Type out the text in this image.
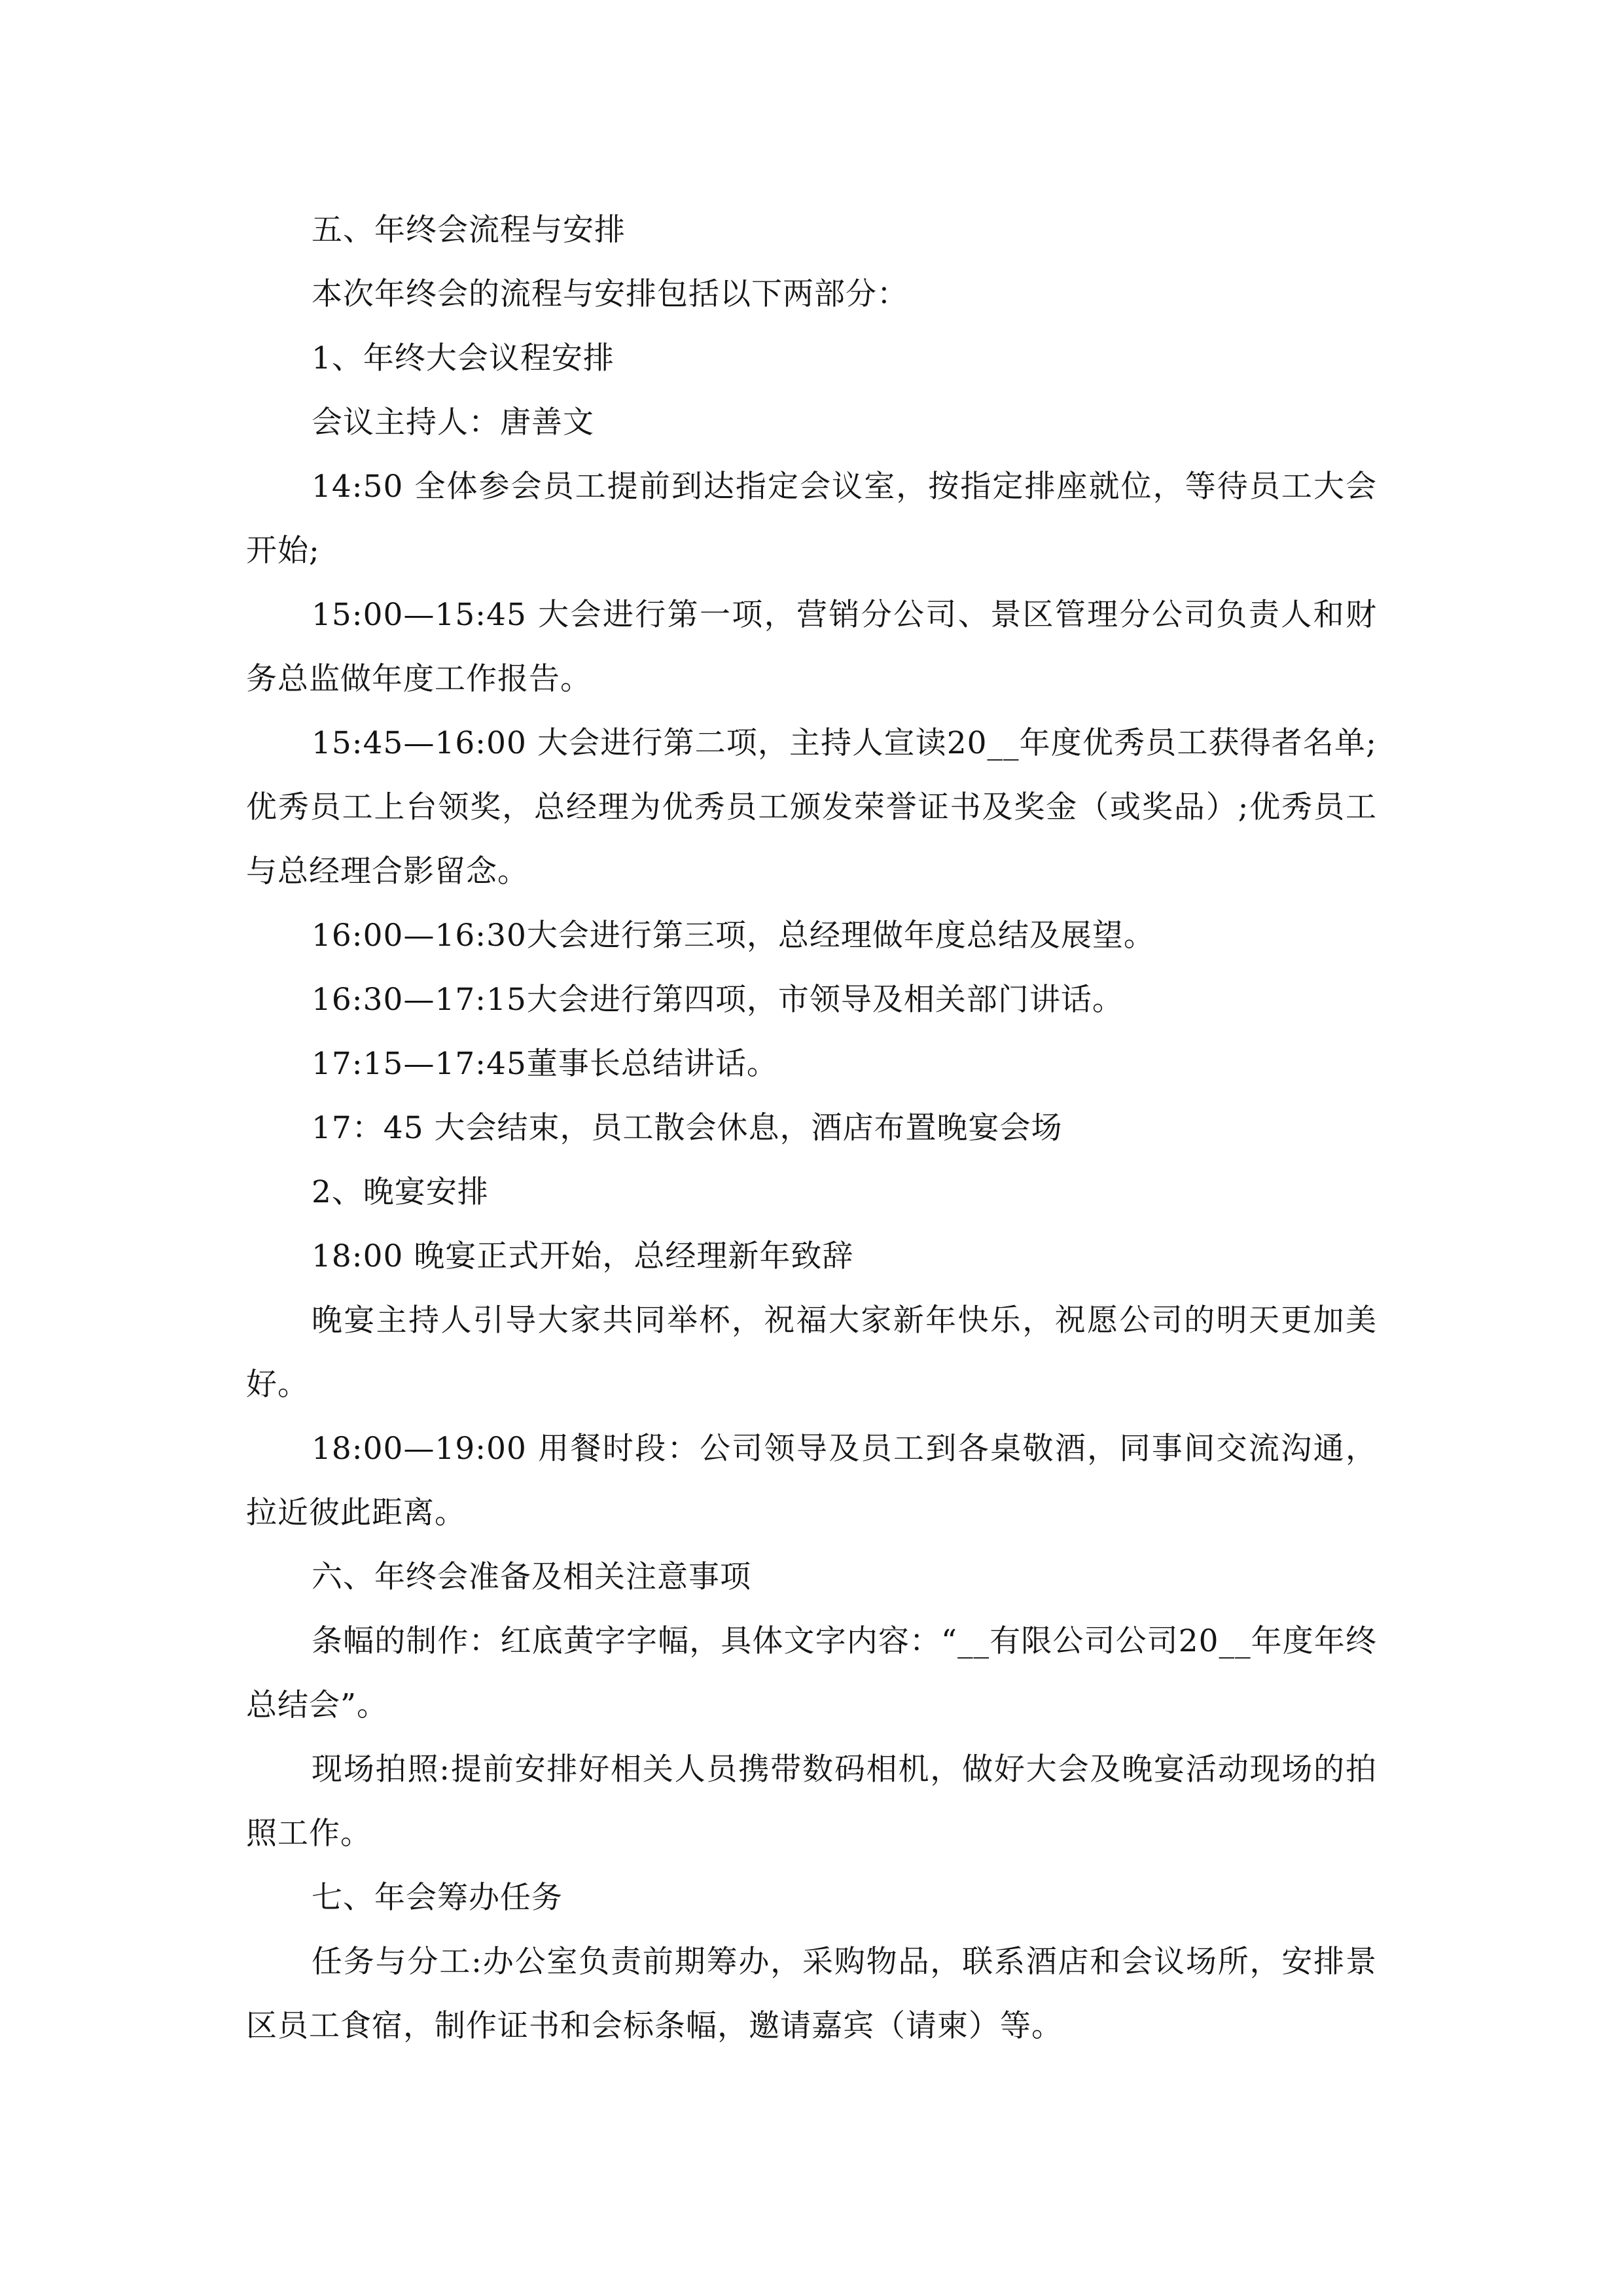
五、年终会流程与安排

本次年终会的流程与安排包括以下两部分：

1、年终大会议程安排

会议主持人：唐善文

14:50 全体参会员工提前到达指定会议室，按指定排座就位，等待员工大会开始;

15:00—15:45 大会进行第一项，营销分公司、景区管理分公司负责人和财务总监做年度工作报告。

15:45—16:00 大会进行第二项，主持人宣读20__年度优秀员工获得者名单;优秀员工上台领奖，总经理为优秀员工颁发荣誉证书及奖金（或奖品）;优秀员工与总经理合影留念。

16:00—16:30大会进行第三项，总经理做年度总结及展望。

16:30—17:15大会进行第四项，市领导及相关部门讲话。

17:15—17:45董事长总结讲话。

17：45 大会结束，员工散会休息，酒店布置晚宴会场

2、晚宴安排

18:00 晚宴正式开始，总经理新年致辞

晚宴主持人引导大家共同举杯，祝福大家新年快乐，祝愿公司的明天更加美好。

18:00—19:00 用餐时段：公司领导及员工到各桌敬酒，同事间交流沟通，拉近彼此距离。

六、年终会准备及相关注意事项

条幅的制作：红底黄字字幅，具体文字内容：“__有限公司公司20__年度年终总结会”。

现场拍照:提前安排好相关人员携带数码相机，做好大会及晚宴活动现场的拍照工作。

七、年会筹办任务

任务与分工:办公室负责前期筹办，采购物品，联系酒店和会议场所，安排景区员工食宿，制作证书和会标条幅，邀请嘉宾（请柬）等。
